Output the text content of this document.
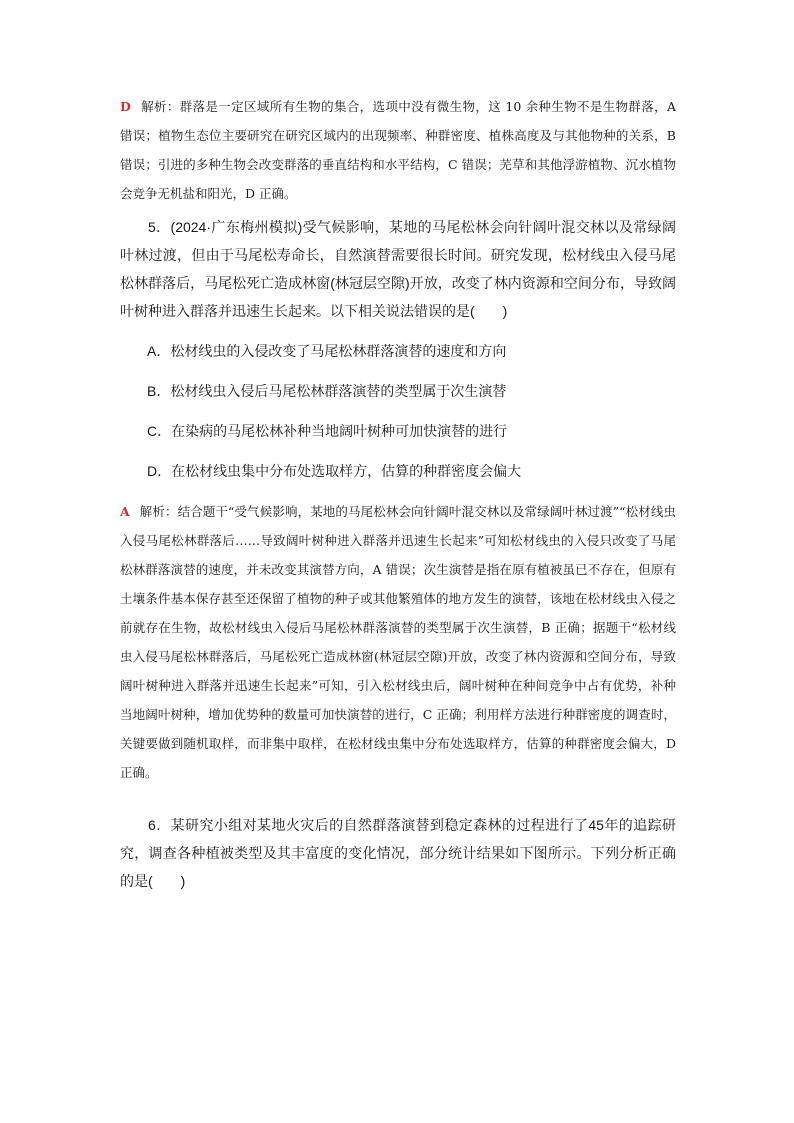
D 解析：群落是一定区域所有生物的集合，选项中没有微生物，这 10 余种生物不是生物群落，A 错误；植物生态位主要研究在研究区域内的出现频率、种群密度、植株高度及与其他物种的关系，B 错误；引进的多种生物会改变群落的垂直结构和水平结构，C 错误；芜草和其他浮游植物、沉水植物会竞争无机盐和阳光，D 正确。
5．(2024·广东梅州模拟)受气候影响，某地的马尾松林会向针阔叶混交林以及常绿阔叶林过渡，但由于马尾松寿命长，自然演替需要很长时间。研究发现，松材线虫入侵马尾松林群落后，马尾松死亡造成林窗(林冠层空隙)开放，改变了林内资源和空间分布，导致阔叶树种进入群落并迅速生长起来。以下相关说法错误的是(　　)
A．松材线虫的入侵改变了马尾松林群落演替的速度和方向
B．松材线虫入侵后马尾松林群落演替的类型属于次生演替
C．在染病的马尾松林补种当地阔叶树种可加快演替的进行
D．在松材线虫集中分布处选取样方，估算的种群密度会偏大
A 解析：结合题干“受气候影响，某地的马尾松林会向针阔叶混交林以及常绿阔叶林过渡”“松材线虫入侵马尾松林群落后……导致阔叶树种进入群落并迅速生长起来”可知松材线虫的入侵只改变了马尾松林群落演替的速度，并未改变其演替方向，A 错误；次生演替是指在原有植被虽已不存在，但原有土壤条件基本保存甚至还保留了植物的种子或其他繁殖体的地方发生的演替，该地在松材线虫入侵之前就存在生物，故松材线虫入侵后马尾松林群落演替的类型属于次生演替，B 正确；据题干“松材线虫入侵马尾松林群落后，马尾松死亡造成林窗(林冠层空隙)开放，改变了林内资源和空间分布，导致阔叶树种进入群落并迅速生长起来”可知，引入松材线虫后，阔叶树种在种间竞争中占有优势，补种当地阔叶树种，增加优势种的数量可加快演替的进行，C 正确；利用样方法进行种群密度的调查时，关键要做到随机取样，而非集中取样，在松材线虫集中分布处选取样方，估算的种群密度会偏大，D 正确。
6．某研究小组对某地火灾后的自然群落演替到稳定森林的过程进行了45年的追踪研究，调查各种植被类型及其丰富度的变化情况，部分统计结果如下图所示。下列分析正确的是(　　)
